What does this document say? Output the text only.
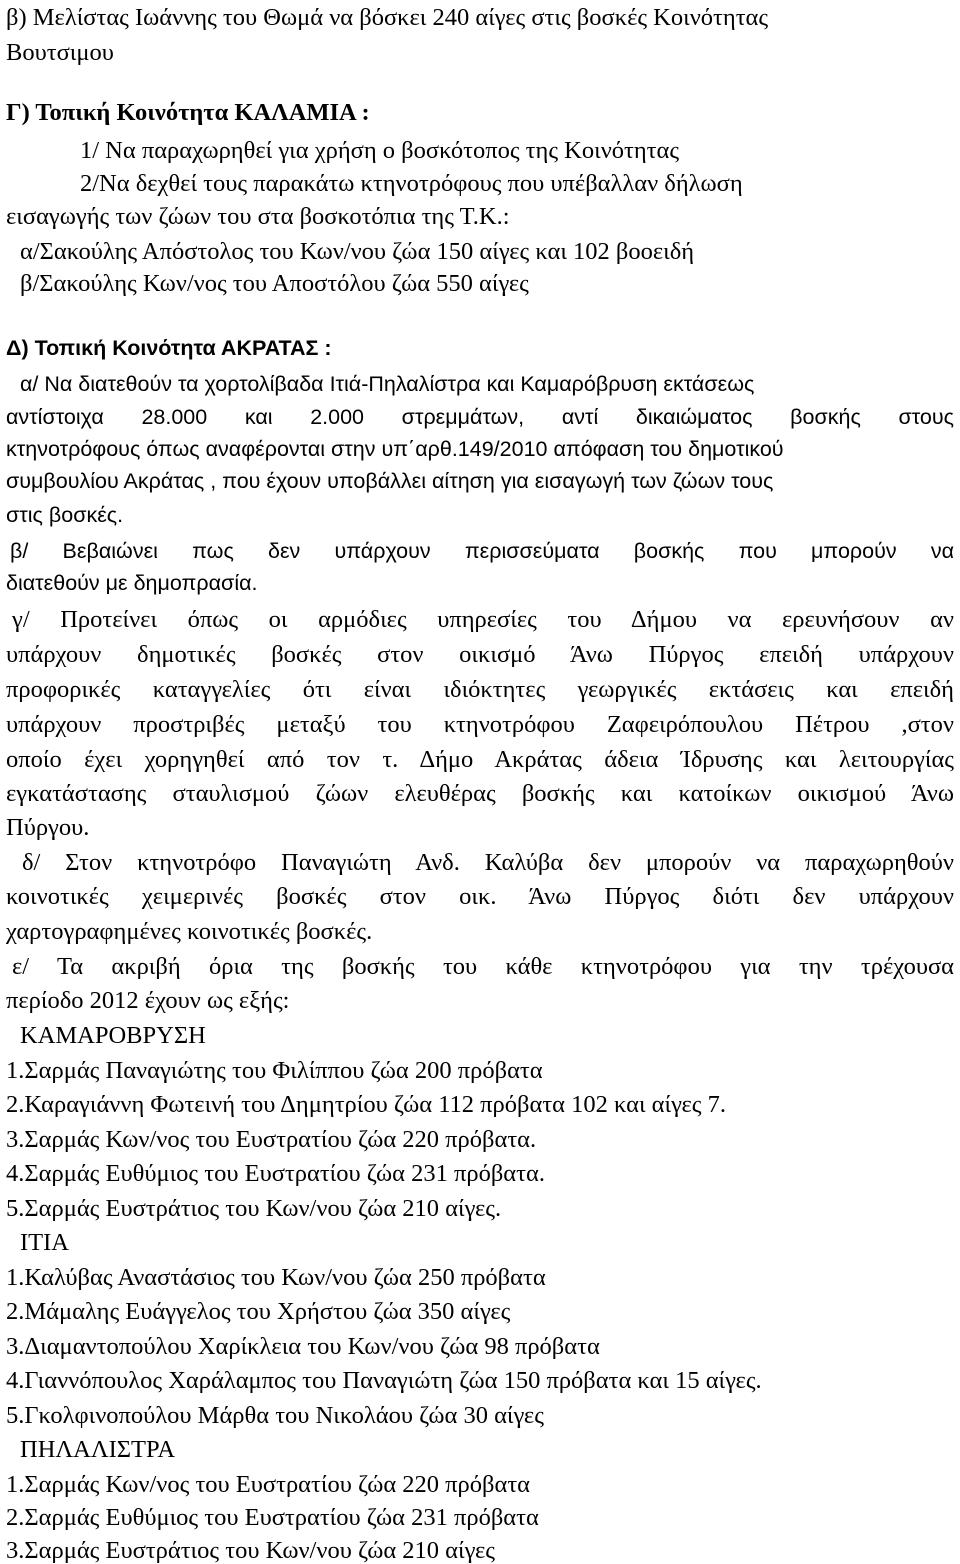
β) Μελίστας Ιωάννης του Θωμά να βόσκει 240 αίγες στις βοσκές Κοινότητας
Βουτσιμου
Γ) Τοπική Κοινότητα ΚΑΛΑΜΙΑ :
1/ Να παραχωρηθεί για χρήση ο βοσκότοπος της Κοινότητας
2/Να δεχθεί τους παρακάτω κτηνοτρόφους που υπέβαλλαν δήλωση
εισαγωγής των ζώων του στα βοσκοτόπια της Τ.Κ.:
α/Σακούλης Απόστολος του Κων/νου ζώα 150 αίγες και 102 βοοειδή
β/Σακούλης Κων/νος του Αποστόλου ζώα 550 αίγες
Δ) Τοπική Κοινότητα ΑΚΡΑΤΑΣ :
α/ Να διατεθούν τα χορτολίβαδα Ιτιά-Πηλαλίστρα και Καμαρόβρυση εκτάσεως
αντίστοιχα 28.000 και 2.000 στρεμμάτων, αντί δικαιώματος βοσκής στους
κτηνοτρόφους όπως αναφέρονται στην υπ΄αρθ.149/2010 απόφαση του δημοτικού
συμβουλίου Ακράτας , που έχουν υποβάλλει αίτηση για εισαγωγή των ζώων τους
στις βοσκές.
β/ Βεβαιώνει πως δεν υπάρχουν περισσεύματα βοσκής που μπορούν να
διατεθούν με δημοπρασία.
γ/ Προτείνει όπως οι αρμόδιες υπηρεσίες του Δήμου να ερευνήσουν αν
υπάρχουν δημοτικές βοσκές στον οικισμό Άνω Πύργος επειδή υπάρχουν
προφορικές καταγγελίες ότι είναι ιδιόκτητες γεωργικές εκτάσεις και επειδή
υπάρχουν προστριβές μεταξύ του κτηνοτρόφου Ζαφειρόπουλου Πέτρου ,στον
οποίο έχει χορηγηθεί από τον τ. Δήμο Ακράτας άδεια Ίδρυσης και λειτουργίας
εγκατάστασης σταυλισμού ζώων ελευθέρας βοσκής και κατοίκων οικισμού Άνω
Πύργου.
δ/ Στον κτηνοτρόφο Παναγιώτη Ανδ. Καλύβα δεν μπορούν να παραχωρηθούν
κοινοτικές χειμερινές βοσκές στον οικ. Άνω Πύργος διότι δεν υπάρχουν
χαρτογραφημένες κοινοτικές βοσκές.
ε/ Τα ακριβή όρια της βοσκής του κάθε κτηνοτρόφου για την τρέχουσα
περίοδο 2012 έχουν ως εξής:
ΚΑΜΑΡΟΒΡΥΣΗ
1.Σαρμάς Παναγιώτης του Φιλίππου ζώα 200 πρόβατα
2.Καραγιάννη Φωτεινή του Δημητρίου ζώα 112 πρόβατα 102 και αίγες 7.
3.Σαρμάς Κων/νος του Ευστρατίου ζώα 220 πρόβατα.
4.Σαρμάς Ευθύμιος του Ευστρατίου ζώα 231 πρόβατα.
5.Σαρμάς Ευστράτιος του Κων/νου ζώα 210 αίγες.
ΙΤΙΑ
1.Καλύβας Αναστάσιος του Κων/νου ζώα 250 πρόβατα
2.Μάμαλης Ευάγγελος του Χρήστου ζώα 350 αίγες
3.Διαμαντοπούλου Χαρίκλεια του Κων/νου ζώα 98 πρόβατα
4.Γιαννόπουλος Χαράλαμπος του Παναγιώτη ζώα 150 πρόβατα και 15 αίγες.
5.Γκολφινοπούλου Μάρθα του Νικολάου ζώα 30 αίγες
ΠΗΛΑΛΙΣΤΡΑ
1.Σαρμάς Κων/νος του Ευστρατίου ζώα 220 πρόβατα
2.Σαρμάς Ευθύμιος του Ευστρατίου ζώα 231 πρόβατα
3.Σαρμάς Ευστράτιος του Κων/νου ζώα 210 αίγες
